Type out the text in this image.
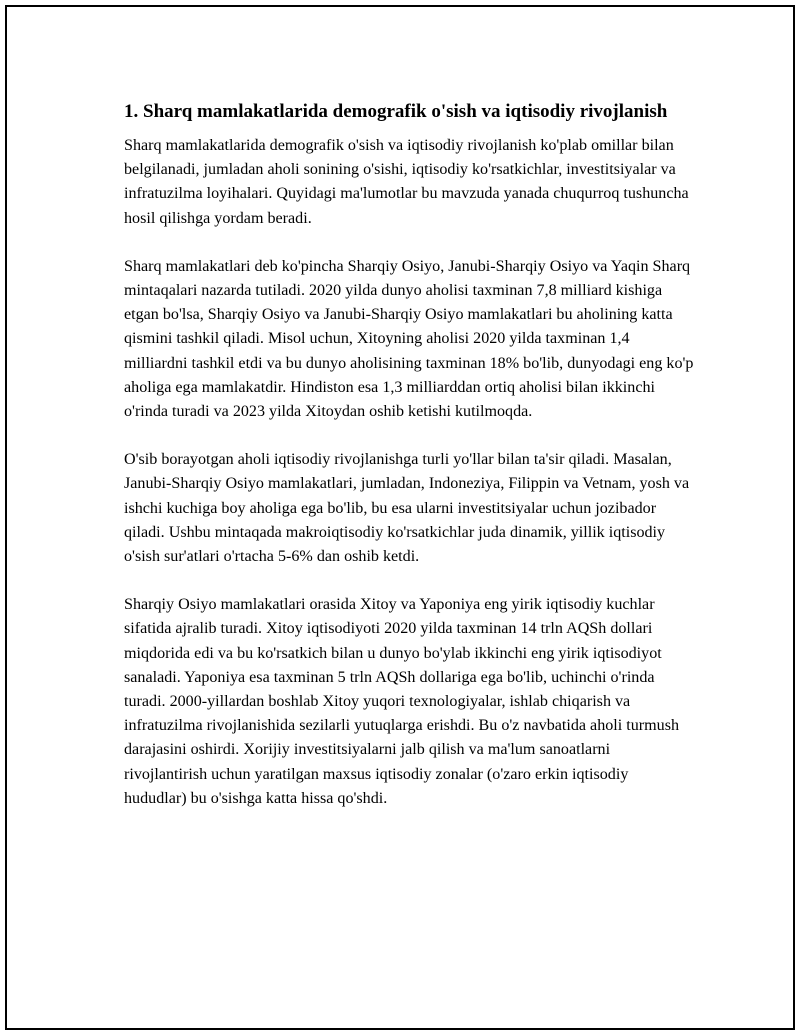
1. Sharq mamlakatlarida demografik o'sish va iqtisodiy rivojlanish

Sharq mamlakatlarida demografik o'sish va iqtisodiy rivojlanish ko'plab omillar bilan belgilanadi, jumladan aholi sonining o'sishi, iqtisodiy ko'rsatkichlar, investitsiyalar va infratuzilma loyihalari. Quyidagi ma'lumotlar bu mavzuda yanada chuqurroq tushuncha hosil qilishga yordam beradi.

Sharq mamlakatlari deb ko'pincha Sharqiy Osiyo, Janubi-Sharqiy Osiyo va Yaqin Sharq mintaqalari nazarda tutiladi. 2020 yilda dunyo aholisi taxminan 7,8 milliard kishiga etgan bo'lsa, Sharqiy Osiyo va Janubi-Sharqiy Osiyo mamlakatlari bu aholining katta qismini tashkil qiladi. Misol uchun, Xitoyning aholisi 2020 yilda taxminan 1,4 milliardni tashkil etdi va bu dunyo aholisining taxminan 18% bo'lib, dunyodagi eng ko'p aholiga ega mamlakatdir. Hindiston esa 1,3 milliarddan ortiq aholisi bilan ikkinchi o'rinda turadi va 2023 yilda Xitoydan oshib ketishi kutilmoqda.

O'sib borayotgan aholi iqtisodiy rivojlanishga turli yo'llar bilan ta'sir qiladi. Masalan, Janubi-Sharqiy Osiyo mamlakatlari, jumladan, Indoneziya, Filippin va Vetnam, yosh va ishchi kuchiga boy aholiga ega bo'lib, bu esa ularni investitsiyalar uchun jozibador qiladi. Ushbu mintaqada makroiqtisodiy ko'rsatkichlar juda dinamik, yillik iqtisodiy o'sish sur'atlari o'rtacha 5-6% dan oshib ketdi.

Sharqiy Osiyo mamlakatlari orasida Xitoy va Yaponiya eng yirik iqtisodiy kuchlar sifatida ajralib turadi. Xitoy iqtisodiyoti 2020 yilda taxminan 14 trln AQSh dollari miqdorida edi va bu ko'rsatkich bilan u dunyo bo'ylab ikkinchi eng yirik iqtisodiyot sanaladi. Yaponiya esa taxminan 5 trln AQSh dollariga ega bo'lib, uchinchi o'rinda turadi. 2000-yillardan boshlab Xitoy yuqori texnologiyalar, ishlab chiqarish va infratuzilma rivojlanishida sezilarli yutuqlarga erishdi. Bu o'z navbatida aholi turmush darajasini oshirdi. Xorijiy investitsiyalarni jalb qilish va ma'lum sanoatlarni rivojlantirish uchun yaratilgan maxsus iqtisodiy zonalar (o'zaro erkin iqtisodiy hududlar) bu o'sishga katta hissa qo'shdi.
